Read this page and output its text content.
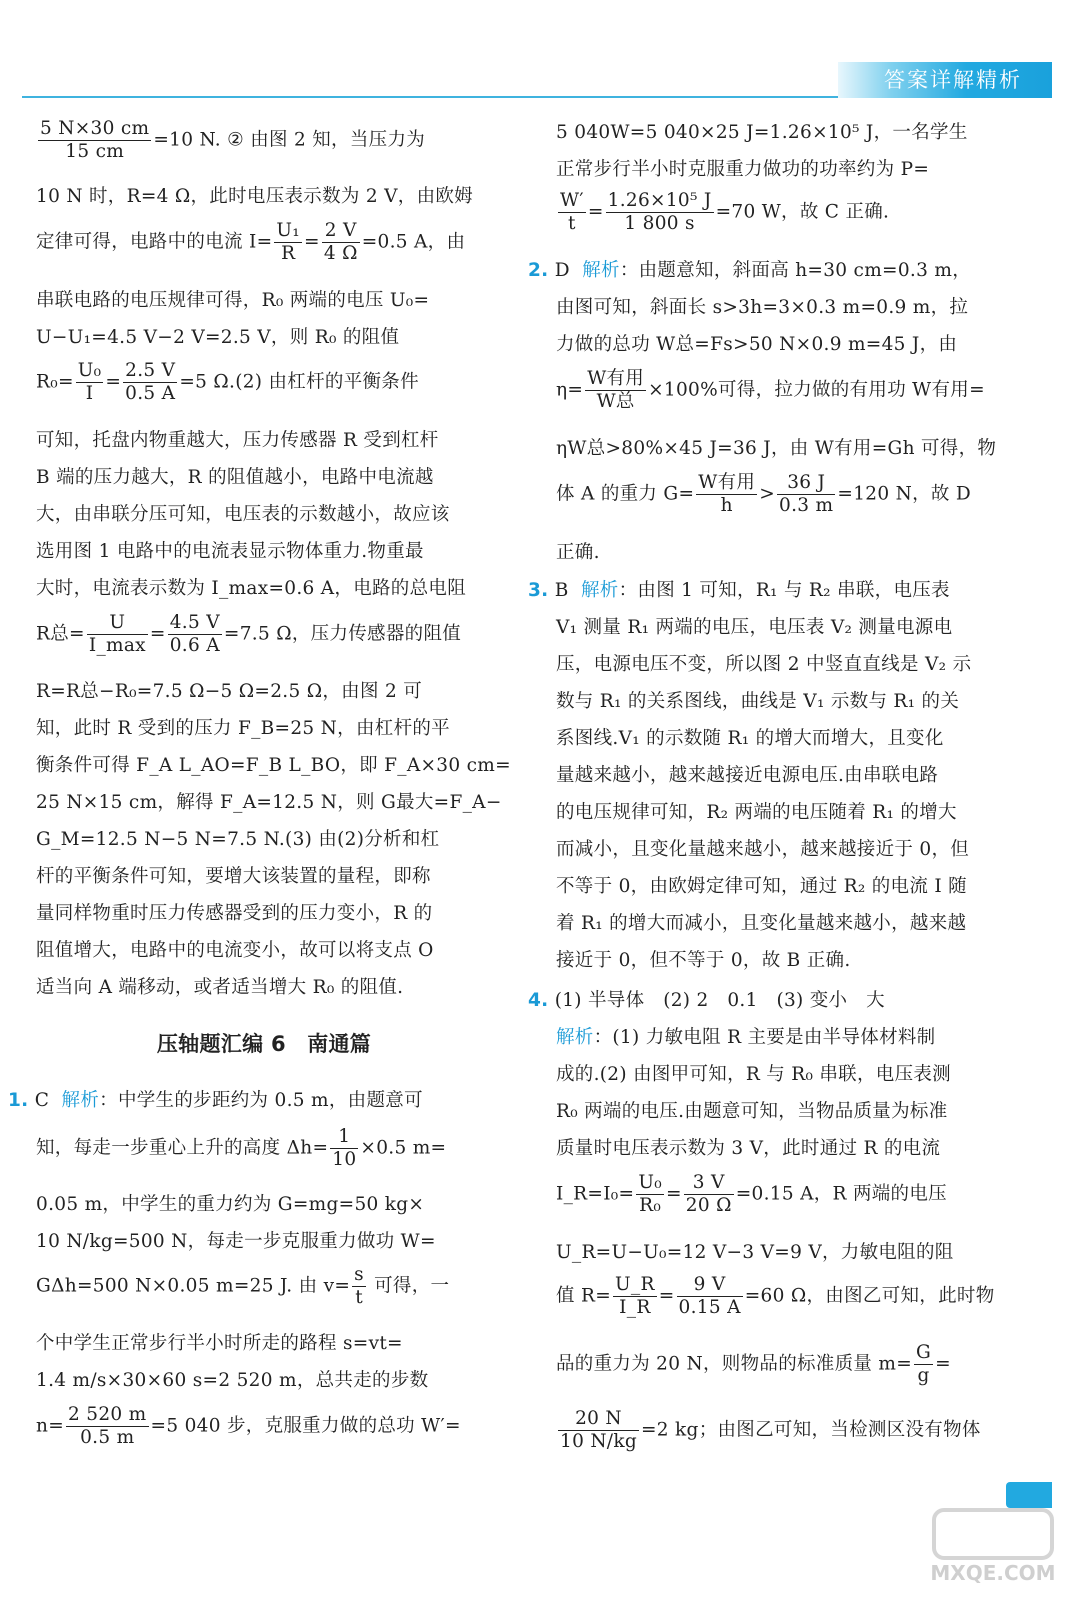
答案详解精析
$\frac{5 N\times 30 cm}{15 cm} =10$ N. ② 由图 2 知，当压力为
10 N 时，R=4 Ω，此时电压表示数为 2 V，由欧姆
定律可得，电路中的电流 $I= \frac{\text{U₁}}{R} = \frac{2 V}{4 \Omega} =0.5$ A，由
串联电路的电压规律可得，R₀ 两端的电压 U₀=
U−U₁=4.5 V−2 V=2.5 V，则 R₀ 的阻值
$R_0= \frac{\text{U₀}}{I} = \frac{2.5 V}{0.5 A} =5$ Ω.(2) 由杠杆的平衡条件
可知，托盘内物重越大，压力传感器 R 受到杠杆
B 端的压力越大，R 的阻值越小，电路中电流越
大，由串联分压可知，电压表的示数越小，故应该
选用图 1 电路中的电流表显示物体重力.物重最
大时，电流表示数为 I_max=0.6 A，电路的总电阻
R总= $\frac{U}{I\_\max} = \frac{4.5 V}{0.6 A} =7.5$ Ω，压力传感器的阻值
R=R总−R₀=7.5 Ω−5 Ω=2.5 Ω，由图 2 可
知，此时 R 受到的压力 F_B=25 N，由杠杆的平
衡条件可得 F_A L_AO=F_B L_BO，即 F_A×30 cm=
25 N×15 cm，解得 F_A=12.5 N，则 G最大=F_A−
G_M=12.5 N−5 N=7.5 N.(3) 由(2)分析和杠
杆的平衡条件可知，要增大该装置的量程，即称
量同样物重时压力传感器受到的压力变小，R 的
阻值增大，电路中的电流变小，故可以将支点 O
适当向 A 端移动，或者适当增大 R₀ 的阻值.
压轴题汇编 6　南通篇
1. C 解析：中学生的步距约为 0.5 m，由题意可
知，每走一步重心上升的高度 $\Delta h= \frac{1}{10} \times 0.5$ m=
0.05 m，中学生的重力约为 G=mg=50 kg×
10 N/kg=500 N，每走一步克服重力做功 W=
GΔh=500 N×0.05 m=25 J. 由 $v= \frac{s}{t}$ 可得，一
个中学生正常步行半小时所走的路程 s=vt=
1.4 m/s×30×60 s=2 520 m，总共走的步数
$n= \frac{2 520 m}{0.5 m} =5$ 040 步，克服重力做的总功 W′=
5 040W=5 040×25 J=1.26×10⁵ J，一名学生
正常步行半小时克服重力做功的功率约为 P=
$\frac{W'}{t} = \frac{\text{1.26×10⁵ J}}{1 800 s} =70$ W，故 C 正确.
2. D 解析：由题意知，斜面高 h=30 cm=0.3 m，
由图可知，斜面长 s>3h=3×0.3 m=0.9 m，拉
力做的总功 W总=Fs>50 N×0.9 m=45 J，由
$\eta= \frac{\text{W有用}}{\text{W总}} \times 100\%$可得，拉力做的有用功 W有用=
ηW总>80%×45 J=36 J，由 W有用=Gh 可得，物
体 A 的重力 $G= \frac{\text{W有用}}{h} > \frac{36 J}{0.3 m} =120$ N，故 D
正确.
3. B 解析：由图 1 可知，R₁ 与 R₂ 串联，电压表
V₁ 测量 R₁ 两端的电压，电压表 V₂ 测量电源电
压，电源电压不变，所以图 2 中竖直直线是 V₂ 示
数与 R₁ 的关系图线，曲线是 V₁ 示数与 R₁ 的关
系图线.V₁ 的示数随 R₁ 的增大而增大，且变化
量越来越小，越来越接近电源电压.由串联电路
的电压规律可知，R₂ 两端的电压随着 R₁ 的增大
而减小，且变化量越来越小，越来越接近于 0，但
不等于 0，由欧姆定律可知，通过 R₂ 的电流 I 随
着 R₁ 的增大而减小，且变化量越来越小，越来越
接近于 0，但不等于 0，故 B 正确.
4. (1) 半导体　(2) 2　0.1　(3) 变小　大
解析：(1) 力敏电阻 R 主要是由半导体材料制
成的.(2) 由图甲可知，R 与 R₀ 串联，电压表测
R₀ 两端的电压.由题意可知，当物品质量为标准
质量时电压表示数为 3 V，此时通过 R 的电流
I_R=I₀= $\frac{\text{U₀}}{\text{R₀}} = \frac{3 V}{20 \Omega} =0.15$ A，R 两端的电压
U_R=U−U₀=12 V−3 V=9 V，力敏电阻的阻
值 $R= \frac{U\_R}{I\_R} = \frac{9 V}{0.15 A} =60$ Ω，由图乙可知，此时物
品的重力为 20 N，则物品的标准质量 $m= \frac{G}{g}$ =
$\frac{20 N}{10 N/kg} =2$ kg；由图乙可知，当检测区没有物体
MXQE.COM
